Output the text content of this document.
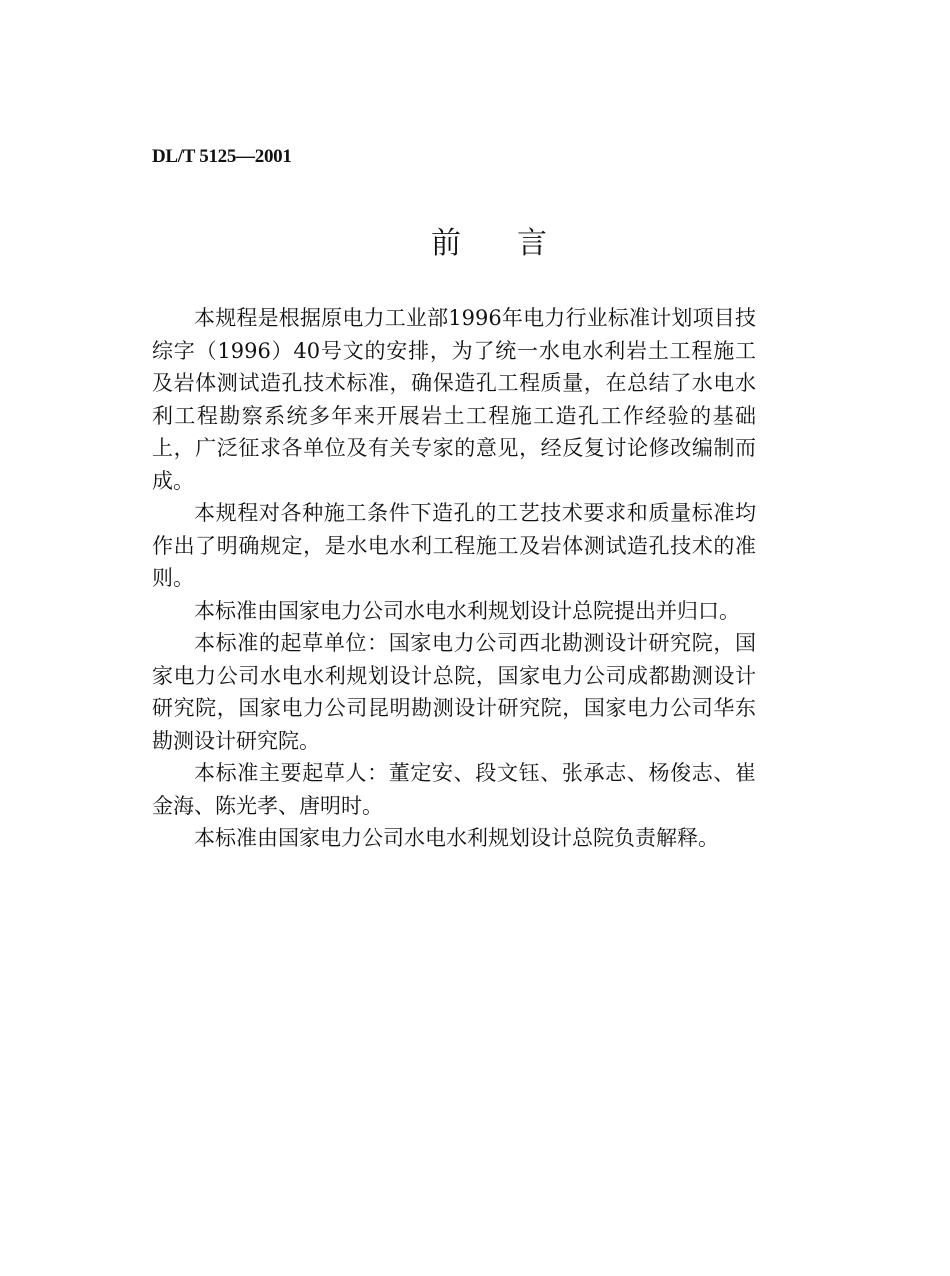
DL/T 5125—2001
前言

本规程是根据原电力工业部1996年电力行业标准计划项目技综字（1996）40号文的安排，为了统一水电水利岩土工程施工及岩体测试造孔技术标准，确保造孔工程质量，在总结了水电水利工程勘察系统多年来开展岩土工程施工造孔工作经验的基础上，广泛征求各单位及有关专家的意见，经反复讨论修改编制而成。

本规程对各种施工条件下造孔的工艺技术要求和质量标准均作出了明确规定，是水电水利工程施工及岩体测试造孔技术的准则。

本标准由国家电力公司水电水利规划设计总院提出并归口。

本标准的起草单位：国家电力公司西北勘测设计研究院，国家电力公司水电水利规划设计总院，国家电力公司成都勘测设计研究院，国家电力公司昆明勘测设计研究院，国家电力公司华东勘测设计研究院。

本标准主要起草人：董定安、段文钰、张承志、杨俊志、崔金海、陈光孝、唐明时。

本标准由国家电力公司水电水利规划设计总院负责解释。
